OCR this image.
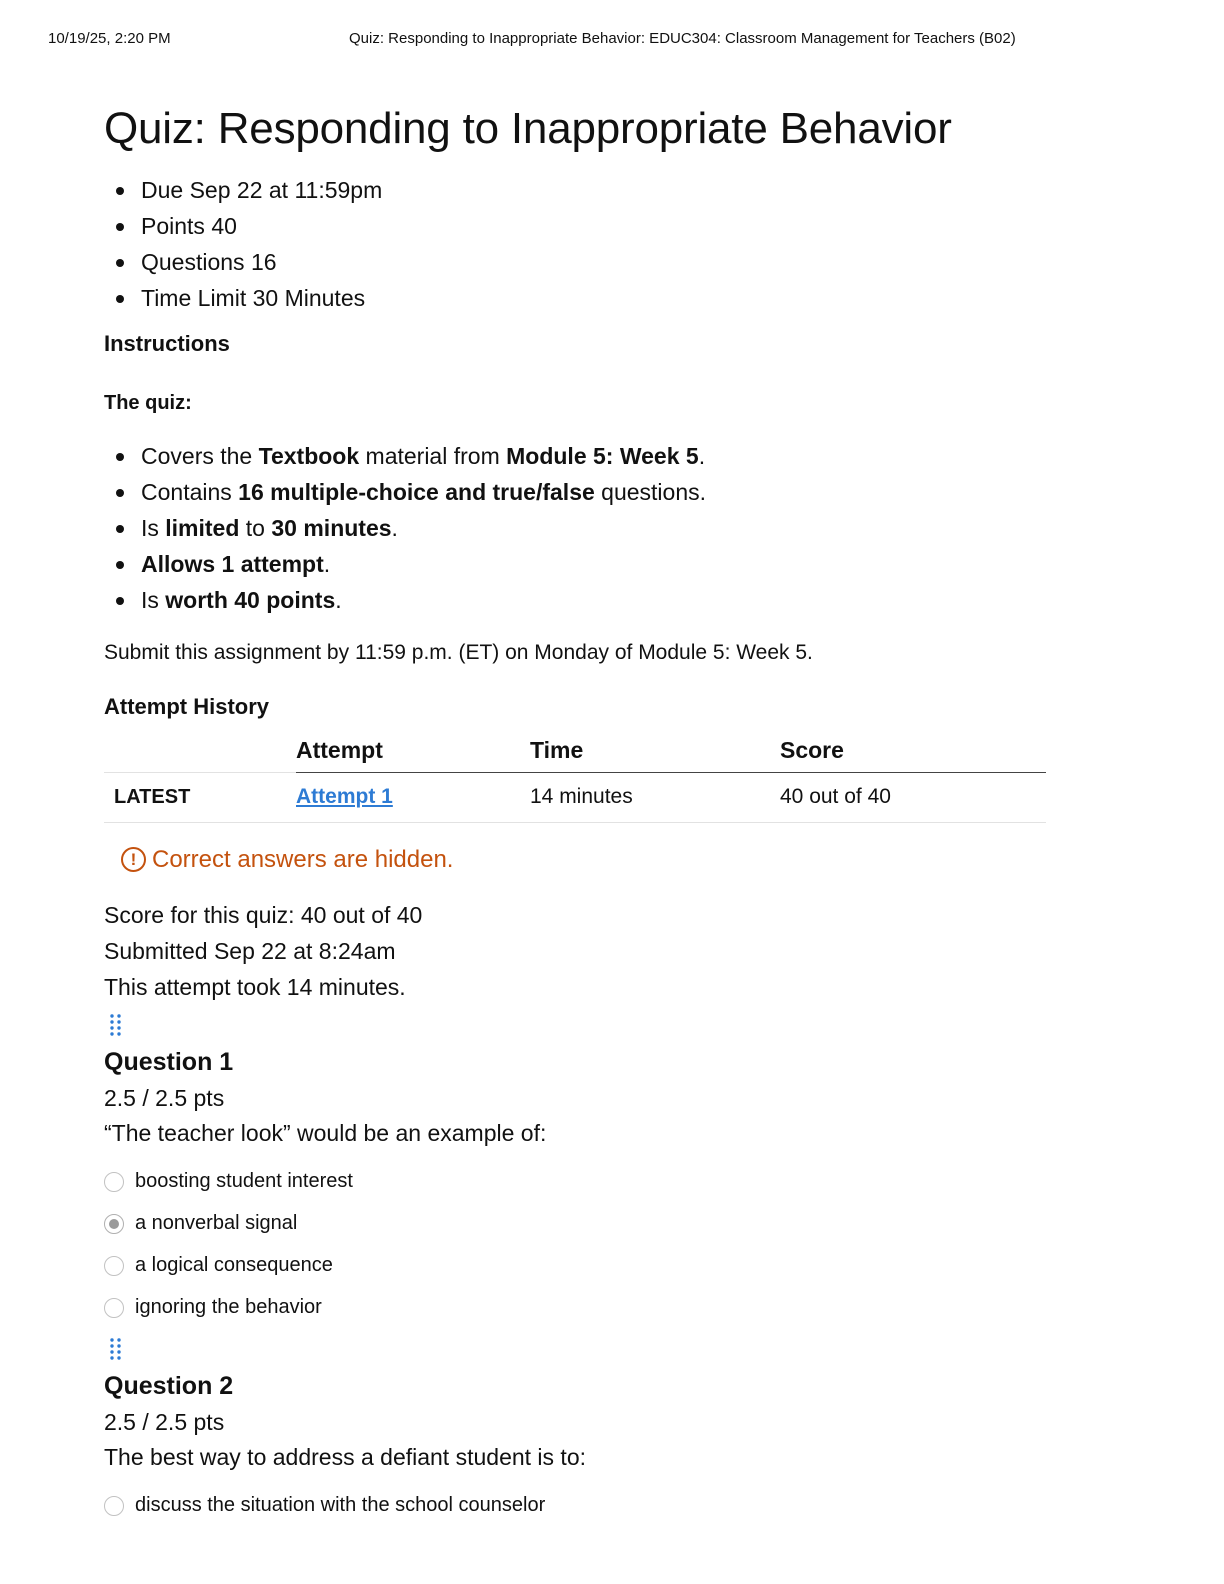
10/19/25, 2:20 PM	Quiz: Responding to Inappropriate Behavior: EDUC304: Classroom Management for Teachers (B02)
Quiz: Responding to Inappropriate Behavior
Due Sep 22 at 11:59pm
Points 40
Questions 16
Time Limit 30 Minutes
Instructions
The quiz:
Covers the Textbook material from Module 5: Week 5.
Contains 16 multiple-choice and true/false questions.
Is limited to 30 minutes.
Allows 1 attempt.
Is worth 40 points.
Submit this assignment by 11:59 p.m. (ET) on Monday of Module 5: Week 5.
Attempt History
	Attempt	Time	Score
LATEST	Attempt 1	14 minutes	40 out of 40
! Correct answers are hidden.
Score for this quiz: 40 out of 40
Submitted Sep 22 at 8:24am
This attempt took 14 minutes.
Question 1
2.5 / 2.5 pts
“The teacher look” would be an example of:
boosting student interest
a nonverbal signal
a logical consequence
ignoring the behavior
Question 2
2.5 / 2.5 pts
The best way to address a defiant student is to:
discuss the situation with the school counselor
